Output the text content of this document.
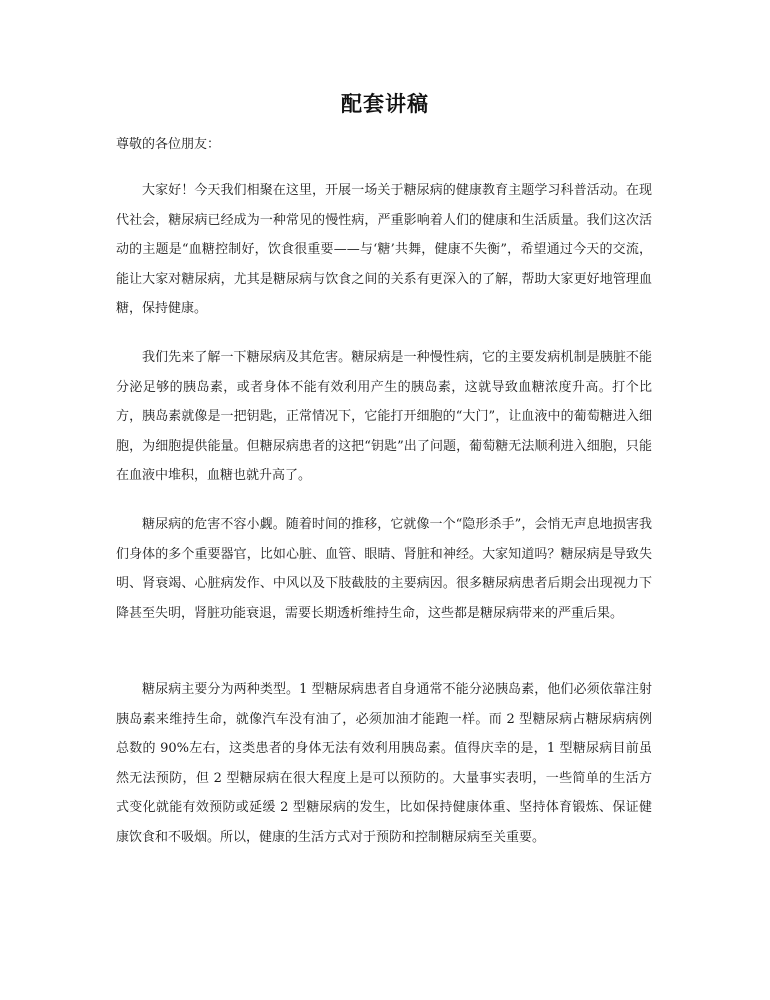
配套讲稿
尊敬的各位朋友：

大家好！今天我们相聚在这里，开展一场关于糖尿病的健康教育主题学习科普活动。在现代社会，糖尿病已经成为一种常见的慢性病，严重影响着人们的健康和生活质量。我们这次活动的主题是“血糖控制好，饮食很重要——与‘糖’共舞，健康不失衡”，希望通过今天的交流，能让大家对糖尿病，尤其是糖尿病与饮食之间的关系有更深入的了解，帮助大家更好地管理血糖，保持健康。

我们先来了解一下糖尿病及其危害。糖尿病是一种慢性病，它的主要发病机制是胰脏不能分泌足够的胰岛素，或者身体不能有效利用产生的胰岛素，这就导致血糖浓度升高。打个比方，胰岛素就像是一把钥匙，正常情况下，它能打开细胞的“大门”，让血液中的葡萄糖进入细胞，为细胞提供能量。但糖尿病患者的这把“钥匙”出了问题，葡萄糖无法顺利进入细胞，只能在血液中堆积，血糖也就升高了。

糖尿病的危害不容小觑。随着时间的推移，它就像一个“隐形杀手”，会悄无声息地损害我们身体的多个重要器官，比如心脏、血管、眼睛、肾脏和神经。大家知道吗？糖尿病是导致失明、肾衰竭、心脏病发作、中风以及下肢截肢的主要病因。很多糖尿病患者后期会出现视力下降甚至失明，肾脏功能衰退，需要长期透析维持生命，这些都是糖尿病带来的严重后果。

糖尿病主要分为两种类型。1 型糖尿病患者自身通常不能分泌胰岛素，他们必须依靠注射胰岛素来维持生命，就像汽车没有油了，必须加油才能跑一样。而 2 型糖尿病占糖尿病病例总数的 90%左右，这类患者的身体无法有效利用胰岛素。值得庆幸的是，1 型糖尿病目前虽然无法预防，但 2 型糖尿病在很大程度上是可以预防的。大量事实表明，一些简单的生活方式变化就能有效预防或延缓 2 型糖尿病的发生，比如保持健康体重、坚持体育锻炼、保证健康饮食和不吸烟。所以，健康的生活方式对于预防和控制糖尿病至关重要。
